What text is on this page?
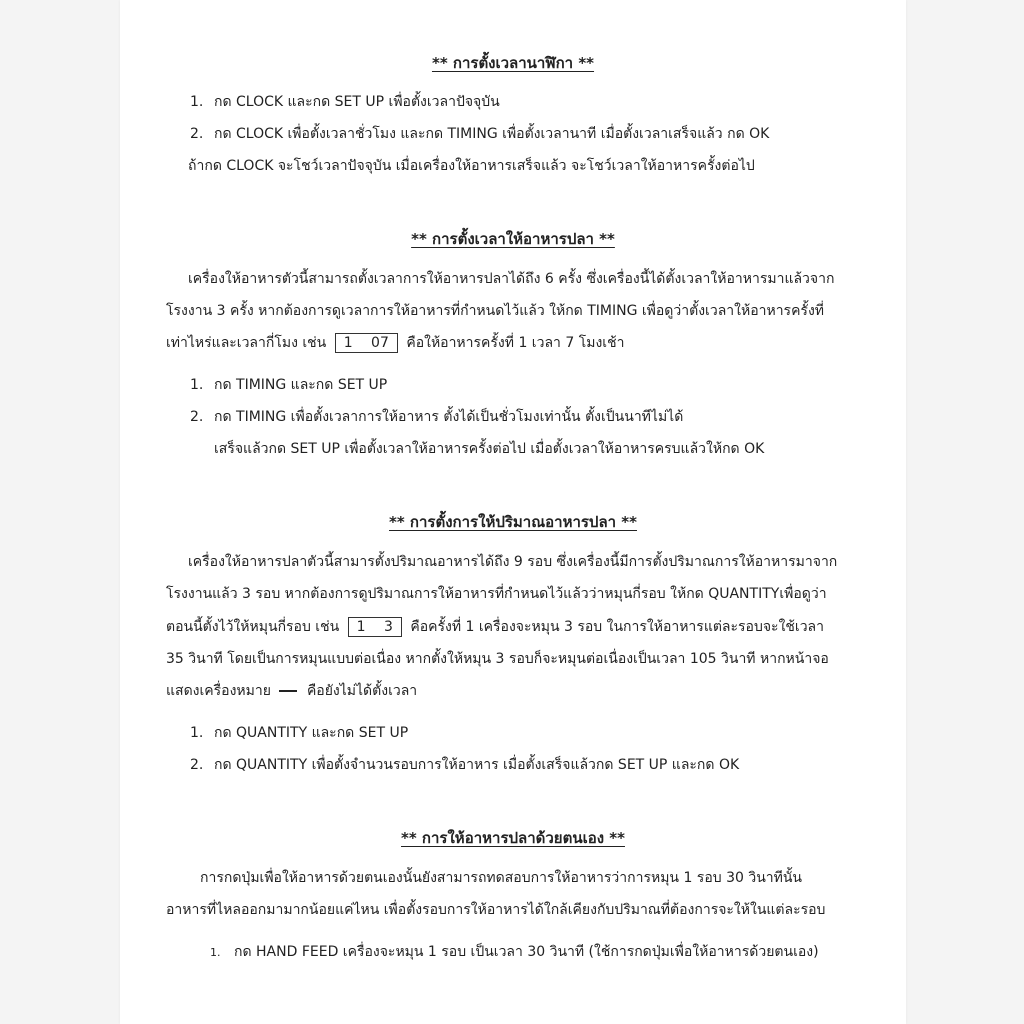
** การตั้งเวลานาฬิกา **

1. กด CLOCK และกด SET UP เพื่อตั้งเวลาปัจจุบัน
2. กด CLOCK เพื่อตั้งเวลาชั่วโมง และกด TIMING เพื่อตั้งเวลานาที เมื่อตั้งเวลาเสร็จแล้ว กด OK
ถ้ากด CLOCK จะโชว์เวลาปัจจุบัน เมื่อเครื่องให้อาหารเสร็จแล้ว จะโชว์เวลาให้อาหารครั้งต่อไป

** การตั้งเวลาให้อาหารปลา **

เครื่องให้อาหารตัวนี้สามารถตั้งเวลาการให้อาหารปลาได้ถึง 6 ครั้ง ซึ่งเครื่องนี้ได้ตั้งเวลาให้อาหารมาแล้วจาก
โรงงาน 3 ครั้ง หากต้องการดูเวลาการให้อาหารที่กำหนดไว้แล้ว ให้กด TIMING เพื่อดูว่าตั้งเวลาให้อาหารครั้งที่
เท่าไหร่และเวลากี่โมง เช่น 1 07 คือให้อาหารครั้งที่ 1 เวลา 7 โมงเช้า
1. กด TIMING และกด SET UP
2. กด TIMING เพื่อตั้งเวลาการให้อาหาร ตั้งได้เป็นชั่วโมงเท่านั้น ตั้งเป็นนาทีไม่ได้
เสร็จแล้วกด SET UP เพื่อตั้งเวลาให้อาหารครั้งต่อไป เมื่อตั้งเวลาให้อาหารครบแล้วให้กด OK

** การตั้งการให้ปริมาณอาหารปลา **

เครื่องให้อาหารปลาตัวนี้สามารตั้งปริมาณอาหารได้ถึง 9 รอบ ซึ่งเครื่องนี้มีการตั้งปริมาณการให้อาหารมาจาก
โรงงานแล้ว 3 รอบ หากต้องการดูปริมาณการให้อาหารที่กำหนดไว้แล้วว่าหมุนกี่รอบ ให้กด QUANTITYเพื่อดูว่า
ตอนนี้ตั้งไว้ให้หมุนกี่รอบ เช่น 1 3 คือครั้งที่ 1 เครื่องจะหมุน 3 รอบ ในการให้อาหารแต่ละรอบจะใช้เวลา
35 วินาที โดยเป็นการหมุนแบบต่อเนื่อง หากตั้งให้หมุน 3 รอบก็จะหมุนต่อเนื่องเป็นเวลา 105 วินาที หากหน้าจอ
แสดงเครื่องหมาย	คือยังไม่ได้ตั้งเวลา
1. กด QUANTITY และกด SET UP
2. กด QUANTITY เพื่อตั้งจำนวนรอบการให้อาหาร เมื่อตั้งเสร็จแล้วกด SET UP และกด OK

** การให้อาหารปลาด้วยตนเอง **

การกดปุ่มเพื่อให้อาหารด้วยตนเองนั้นยังสามารถทดสอบการให้อาหารว่าการหมุน 1 รอบ 30 วินาทีนั้น
อาหารที่ไหลออกมามากน้อยแค่ไหน เพื่อตั้งรอบการให้อาหารได้ใกล้เคียงกับปริมาณที่ต้องการจะให้ในแต่ละรอบ
1. กด HAND FEED เครื่องจะหมุน 1 รอบ เป็นเวลา 30 วินาที (ใช้การกดปุ่มเพื่อให้อาหารด้วยตนเอง)
